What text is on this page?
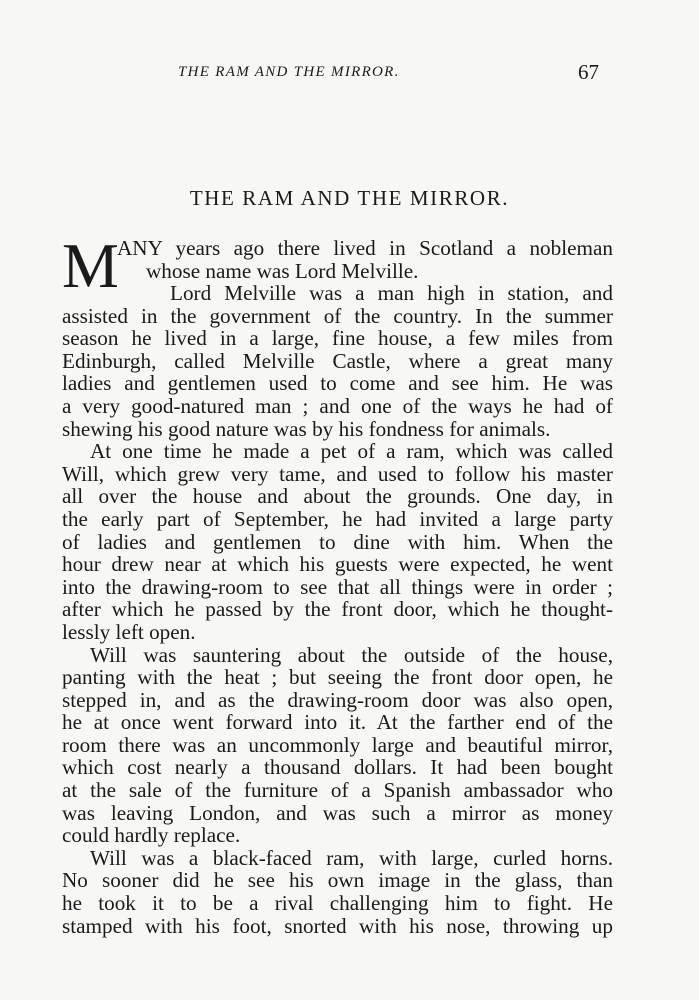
THE RAM AND THE MIRROR.	67
THE RAM AND THE MIRROR.
M
ANY years ago there lived in Scotland a nobleman
whose name was Lord Melville.
Lord Melville was a man high in station, and
assisted in the government of the country. In the summer
season he lived in a large, fine house, a few miles from
Edinburgh, called Melville Castle, where a great many
ladies and gentlemen used to come and see him. He was
a very good-natured man ; and one of the ways he had of
shewing his good nature was by his fondness for animals.
At one time he made a pet of a ram, which was called
Will, which grew very tame, and used to follow his master
all over the house and about the grounds. One day, in
the early part of September, he had invited a large party
of ladies and gentlemen to dine with him. When the
hour drew near at which his guests were expected, he went
into the drawing-room to see that all things were in order ;
after which he passed by the front door, which he thought-
lessly left open.
Will was sauntering about the outside of the house,
panting with the heat ; but seeing the front door open, he
stepped in, and as the drawing-room door was also open,
he at once went forward into it. At the farther end of the
room there was an uncommonly large and beautiful mirror,
which cost nearly a thousand dollars. It had been bought
at the sale of the furniture of a Spanish ambassador who
was leaving London, and was such a mirror as money
could hardly replace.
Will was a black-faced ram, with large, curled horns.
No sooner did he see his own image in the glass, than
he took it to be a rival challenging him to fight. He
stamped with his foot, snorted with his nose, throwing up
